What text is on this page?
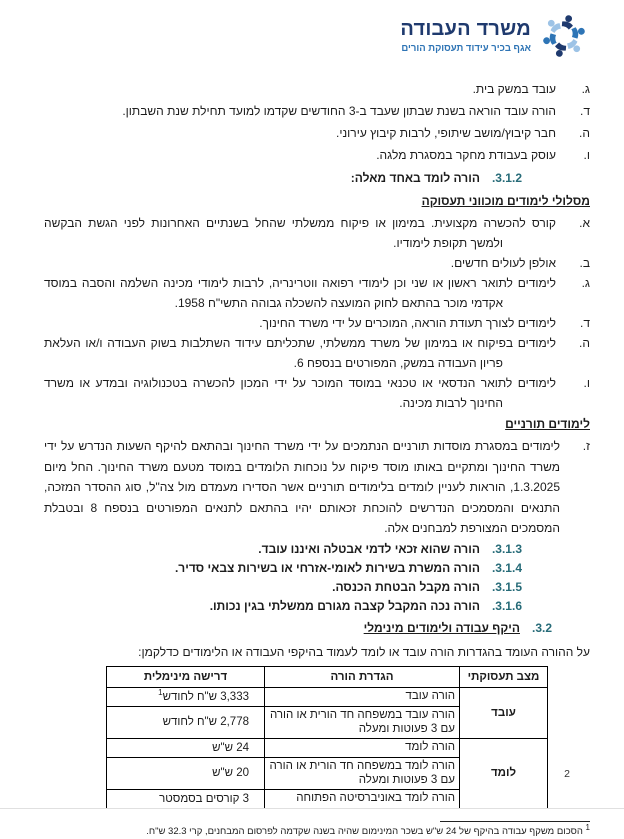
משרד העבודה
אגף בכיר עידוד תעסוקת הורים

ג.עובד במשק בית.

ד.הורה עובד הוראה בשנת שבתון שעבד ב-3 החודשים שקדמו למועד תחילת שנת השבתון.

ה.חבר קיבוץ/מושב שיתופי, לרבות קיבוץ עירוני.

ו.עוסק בעבודת מחקר במסגרת מלגה.

3.1.2.הורה לומד באחד מאלה:
מסלולי לימודים מוכווני תעסוקה

א.קורס להכשרה מקצועית. במימון או פיקוח ממשלתי שהחל בשנתיים האחרונות לפני הגשת הבקשה ולמשך תקופת לימודיו.

ב.אולפן לעולים חדשים.

ג.לימודים לתואר ראשון או שני וכן לימודי רפואה ווטרינריה, לרבות לימודי מכינה השלמה והסבה במוסד אקדמי מוכר בהתאם לחוק המועצה להשכלה גבוהה התשי"ח 1958.

ד.לימודים לצורך תעודת הוראה, המוכרים על ידי משרד החינוך.

ה.לימודים בפיקוח או במימון של משרד ממשלתי, שתכליתם עידוד השתלבות בשוק העבודה ו/או העלאת פריון העבודה במשק, המפורטים בנספח 6.

ו.לימודים לתואר הנדסאי או טכנאי במוסד המוכר על ידי המכון להכשרה בטכנולוגיה ובמדע או משרד החינוך לרבות מכינה.

לימודים תורניים

ז.לימודים במסגרת מוסדות תורניים הנתמכים על ידי משרד החינוך ובהתאם להיקף השעות הנדרש על ידי משרד החינוך ומתקיים באותו מוסד פיקוח על נוכחות הלומדים במוסד מטעם משרד החינוך. החל מיום 1.3.2025, הוראות לעניין לומדים בלימודים תורניים אשר הסדירו מעמדם מול צה"ל, סוג ההסדר המזכה, התנאים והמסמכים הנדרשים להוכחת זכאותם יהיו בהתאם לתנאים המפורטים בנספח 8 ובטבלת המסמכים המצורפת למבחנים אלה.

3.1.3.הורה שהוא זכאי לדמי אבטלה ואיננו עובד.
3.1.4.הורה המשרת בשירות לאומי-אזרחי או בשירות צבאי סדיר.
3.1.5.הורה מקבל הבטחת הכנסה.
3.1.6.הורה נכה המקבל קצבה מגורם ממשלתי בגין נכותו.
3.2.היקף עבודה ולימודים מינימלי

על ההורה העומד בהגדרות הורה עובד או לומד לעמוד בהיקפי העבודה או הלימודים כדלקמן:

מצב תעסוקתי	הגדרת הורה	דרישה מינימלית
עובד	הורה עובד	3,333 ש"ח לחודש$^1$
	הורה עובד במשפחה חד הורית או הורה עם 3 פעוטות ומעלה	2,778 ש"ח לחודש
לומד	הורה לומד	24 ש"ש
	הורה לומד במשפחה חד הורית או הורה עם 3 פעוטות ומעלה	20 ש"ש
	הורה לומד באוניברסיטה הפתוחה	3 קורסים בסמסטר
$^1$ הסכום משקף עבודה בהיקף של 24 ש"ש בשכר המינימום שהיה בשנה שקדמה לפרסום המבחנים, קרי 32.3 ש"ח.
2
